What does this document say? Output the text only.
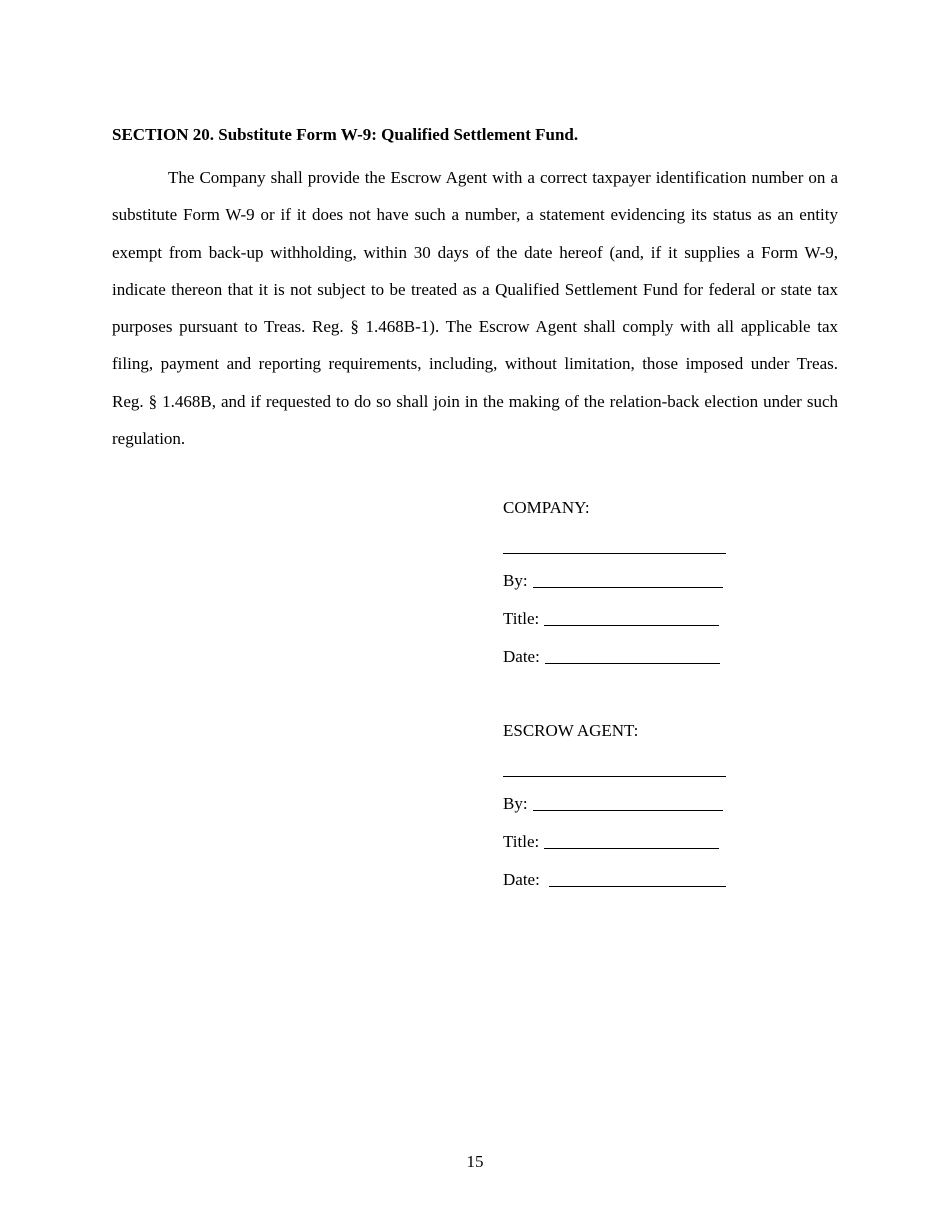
SECTION 20. Substitute Form W-9: Qualified Settlement Fund.

The Company shall provide the Escrow Agent with a correct taxpayer identification number on a substitute Form W-9 or if it does not have such a number, a statement evidencing its status as an entity exempt from back-up withholding, within 30 days of the date hereof (and, if it supplies a Form W-9, indicate thereon that it is not subject to be treated as a Qualified Settlement Fund for federal or state tax purposes pursuant to Treas. Reg. § 1.468B-1). The Escrow Agent shall comply with all applicable tax filing, payment and reporting requirements, including, without limitation, those imposed under Treas. Reg. § 1.468B, and if requested to do so shall join in the making of the relation-back election under such regulation.

COMPANY:
By:
Title:
Date:
ESCROW AGENT:
By:
Title:
Date:
15
